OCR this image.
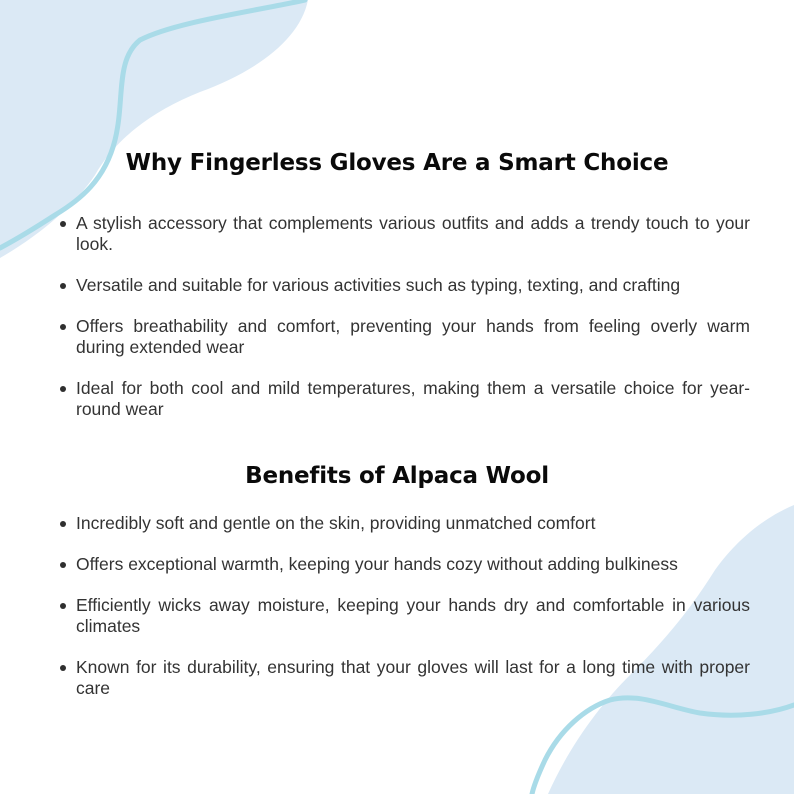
Why Fingerless Gloves Are a Smart Choice
A stylish accessory that complements various outfits and adds a trendy touch to your look.
Versatile and suitable for various activities such as typing, texting, and crafting
Offers breathability and comfort, preventing your hands from feeling overly warm during extended wear
Ideal for both cool and mild temperatures, making them a versatile choice for year-round wear
Benefits of Alpaca Wool
Incredibly soft and gentle on the skin, providing unmatched comfort
Offers exceptional warmth, keeping your hands cozy without adding bulkiness
Efficiently wicks away moisture, keeping your hands dry and comfortable in various climates
Known for its durability, ensuring that your gloves will last for a long time with proper care
